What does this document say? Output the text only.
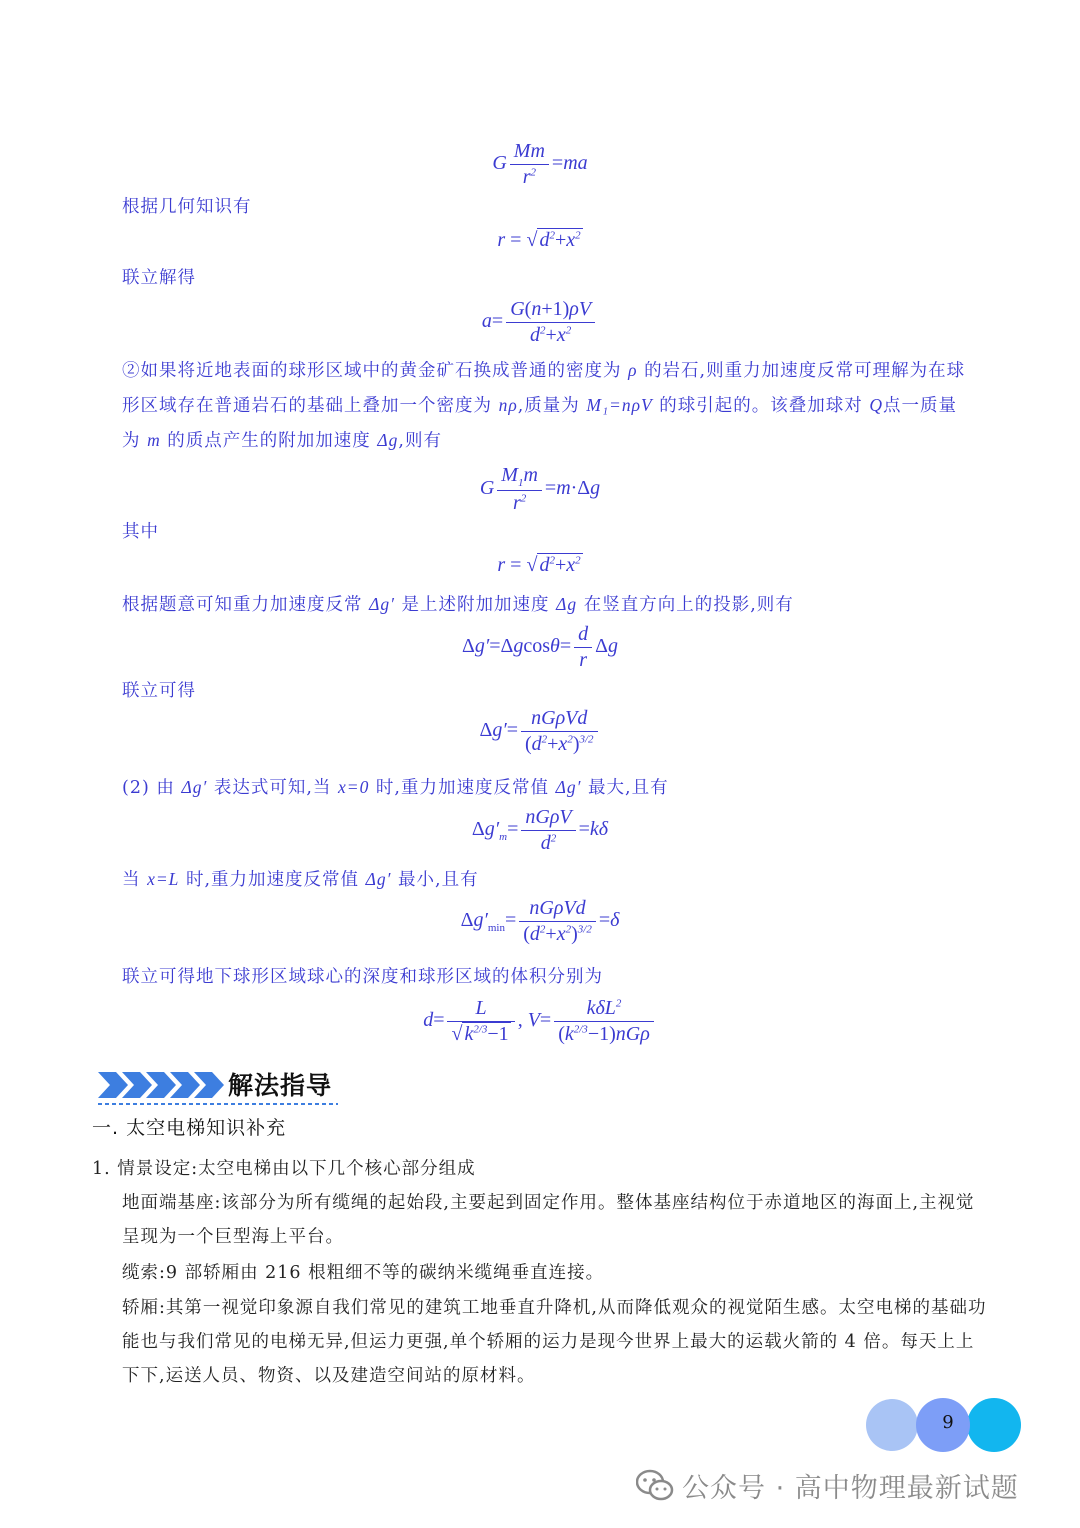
G $\frac{Mm}{r^2} =ma$
根据几何知识有
r = √ $d^2+x^2$
联立解得
$a= \frac{G(n+1)\rho V}{d^2+x^2}$
②如果将近地表面的球形区域中的黄金矿石换成普通的密度为 ρ 的岩石,则重力加速度反常可理解为在球
形区域存在普通岩石的基础上叠加一个密度为 nρ,质量为 M₁=nρV 的球引起的。该叠加球对 Q点一质量
为 m 的质点产生的附加加速度 Δg,则有
G $\frac{M_1m}{r^2} =m\cdot\Delta g$
其中
r = √ $d^2+x^2$
根据题意可知重力加速度反常 Δg′ 是上述附加加速度 Δg 在竖直方向上的投影,则有
$\Delta g'=\Delta gcos\theta= \frac{d}{r}$ Δg
联立可得
$\Delta g'= \frac{\text{nGρVd}}{(d^2+x^2)^{3/2}}$
(2) 由 Δg′ 表达式可知,当 x=0 时,重力加速度反常值 Δg′ 最大,且有
$\Delta g'_m= \frac{\text{nGρV}}{d^2} =k\delta$
当 x=L 时,重力加速度反常值 Δg′ 最小,且有
$\Delta g'_{min}= \frac{\text{nGρVd}}{(d^2+x^2)^{3/2}} =\delta$
联立可得地下球形区域球心的深度和球形区域的体积分别为
$d= \frac{L}{√ k^{2/3}-1}$ , $V= \frac{k\delta L^2}{(k^{2/3}-1)nG\rho}$
解法指导
一. 太空电梯知识补充
1. 情景设定:太空电梯由以下几个核心部分组成
地面端基座:该部分为所有缆绳的起始段,主要起到固定作用。整体基座结构位于赤道地区的海面上,主视觉呈现为一个巨型海上平台。
缆索:9 部轿厢由 216 根粗细不等的碳纳米缆绳垂直连接。
轿厢:其第一视觉印象源自我们常见的建筑工地垂直升降机,从而降低观众的视觉陌生感。太空电梯的基础功能也与我们常见的电梯无异,但运力更强,单个轿厢的运力是现今世界上最大的运载火箭的 4 倍。每天上上下下,运送人员、物资、以及建造空间站的原材料。
9
公众号 · 高中物理最新试题
